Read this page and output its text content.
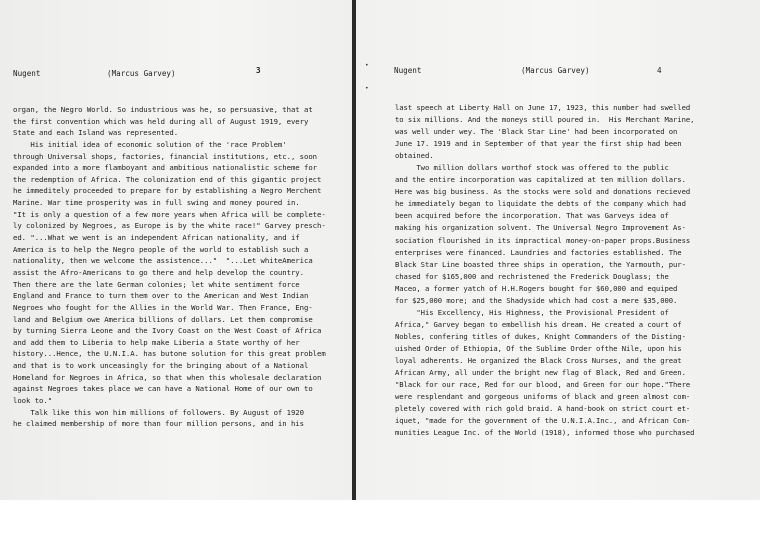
Nugent	(Marcus Garvey)	3
organ, the Negro World. So industrious was he, so persuasive, that at
the first convention which was held during all of August 1919, every
State and each Island was represented.
His initial idea of economic solution of the 'race Problem'
through Universal shops, factories, financial institutions, etc., soon
expanded into a more flamboyant and ambitious nationalistic scheme for
the redemption of Africa. The colonization end of this gigantic project
he immeditely proceeded to prepare for by establishing a Negro Merchent
Marine. War time prosperity was in full swing and money poured in.
"It is only a question of a few more years when Africa will be complete-
ly colonized by Negroes, as Europe is by the white race!" Garvey presch-
ed. "...What we went is an independent African nationality, and if
America is to help the Negro people of the world to establish such a
nationality, then we welcome the assistence..."  "...Let whiteAmerica
assist the Afro-Americans to go there and help develop the country.
Then there are the late German colonies; let white sentiment force
England and France to turn them over to the American and West Indian
Negroes who fought for the Allies in the World War. Then France, Eng-
land and Belgium owe America billions of dollars. Let them compromise
by turning Sierra Leone and the Ivory Coast on the West Coast of Africa
and add them to Liberia to help make Liberia a State worthy of her
history...Hence, the U.N.I.A. has butone solution for this great problem
and that is to work unceasingly for the bringing about of a National
Homeland for Negroes in Africa, so that when this wholesale declaration
against Negroes takes place we can have a National Home of our own to
look to."
Talk like this won him millions of followers. By August of 1920
he claimed membership of more than four million persons, and in his
•
•
Nugent	(Marcus Garvey)	4
last speech at Liberty Hall on June 17, 1923, this number had swelled
to six millions. And the moneys still poured in.  His Merchant Marine,
was well under wey. The 'Black Star Line' had been incorporated on
June 17. 1919 and in September of that year the first ship had been
obtained.
Two million dollars worthof stock was offered to the public
and the entire incorporation was capitalized at ten million dollars.
Here was big business. As the stocks were sold and donations recieved
he immediately began to liquidate the debts of the company which had
been acquired before the incorporation. That was Garveys idea of
making his organization solvent. The Universal Negro Improvement As-
sociation flourished in its impractical money-on-paper props.Business
enterprises were financed. Laundries and factories established. The
Black Star Line boasted three ships in operation, the Yarmouth, pur-
chased for $165,000 and rechristened the Frederick Douglass; the
Maceo, a former yatch of H.H.Rogers bought for $60,000 and equiped
for $25,000 more; and the Shadyside which had cost a mere $35,000.
"His Excellency, His Highness, the Provisional President of
Africa," Garvey began to embellish his dream. He created a court of
Nobles, confering titles of dukes, Knight Commanders of the Disting-
uished Order of Ethiopia, Of the Sublime Order ofthe Nile, upon his
loyal adherents. He organized the Black Cross Nurses, and the great
African Army, all under the bright new flag of Black, Red and Green.
"Black for our race, Red for our blood, and Green for our hope."There
were resplendant and gorgeous uniforms of black and green almost com-
pletely covered with rich gold braid. A hand-book on strict court et-
iquet, "made for the government of the U.N.I.A.Inc., and African Com-
munities League Inc. of the World (1918), informed those who purchased
